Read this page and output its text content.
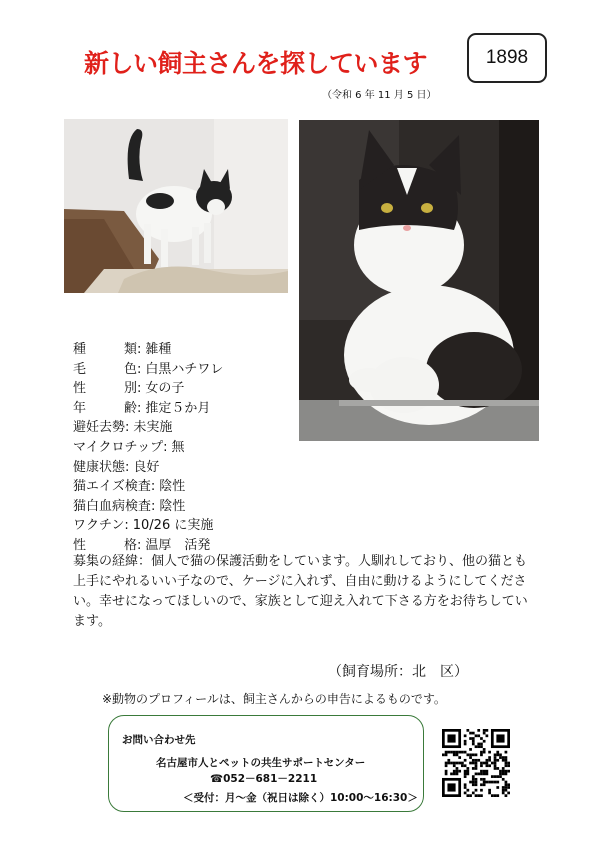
新しい飼主さんを探しています	1898
（令和 6 年 11 月 5 日）
種	類 : 雑種
毛	色 : 白黒ハチワレ
性	別 : 女の子
年	齢 : 推定５か月
避妊去勢 : 未実施
マイクロチップ : 無
健康状態 : 良好
猫エイズ検査 : 陰性
猫白血病検査 : 陰性
ワクチン : 10/26 に実施
性	格 : 温厚　活発
募集の経緯：個人で猫の保護活動をしています。人馴れしており、他の猫とも上手にやれるいい子なので、ケージに入れず、自由に動けるようにしてください。幸せになってほしいので、家族として迎え入れて下さる方をお待ちしています。
（飼育場所：北　区）
※動物のプロフィールは、飼主さんからの申告によるものです。
お問い合わせ先
名古屋市人とペットの共生サポートセンター
☎052－681－2211
＜受付：月～金（祝日は除く）10:00～16:30＞
